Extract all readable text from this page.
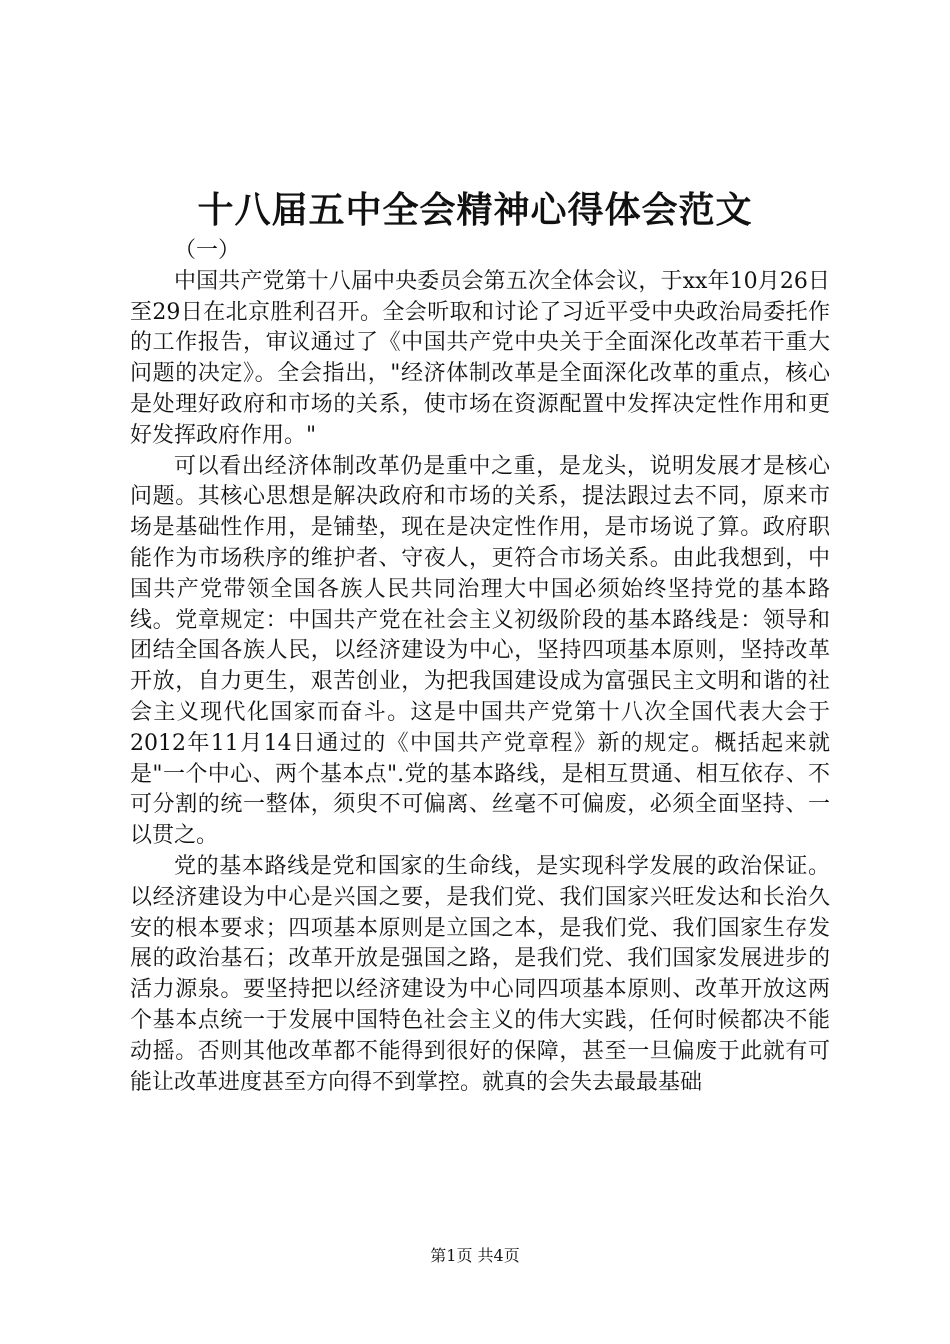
十八届五中全会精神心得体会范文

（一）

中国共产党第十八届中央委员会第五次全体会议，于xx年10月26日至29日在北京胜利召开。全会听取和讨论了习近平受中央政治局委托作的工作报告，审议通过了《中国共产党中央关于全面深化改革若干重大问题的决定》。全会指出，"经济体制改革是全面深化改革的重点，核心是处理好政府和市场的关系，使市场在资源配置中发挥决定性作用和更好发挥政府作用。"

可以看出经济体制改革仍是重中之重，是龙头，说明发展才是核心问题。其核心思想是解决政府和市场的关系，提法跟过去不同，原来市场是基础性作用，是铺垫，现在是决定性作用，是市场说了算。政府职能作为市场秩序的维护者、守夜人，更符合市场关系。由此我想到，中国共产党带领全国各族人民共同治理大中国必须始终坚持党的基本路线。党章规定：中国共产党在社会主义初级阶段的基本路线是：领导和团结全国各族人民，以经济建设为中心，坚持四项基本原则，坚持改革开放，自力更生，艰苦创业，为把我国建设成为富强民主文明和谐的社会主义现代化国家而奋斗。这是中国共产党第十八次全国代表大会于2012年11月14日通过的《中国共产党章程》新的规定。概括起来就是"一个中心、两个基本点".党的基本路线，是相互贯通、相互依存、不可分割的统一整体，须臾不可偏离、丝毫不可偏废，必须全面坚持、一以贯之。

党的基本路线是党和国家的生命线，是实现科学发展的政治保证。以经济建设为中心是兴国之要，是我们党、我们国家兴旺发达和长治久安的根本要求；四项基本原则是立国之本，是我们党、我们国家生存发展的政治基石；改革开放是强国之路，是我们党、我们国家发展进步的活力源泉。要坚持把以经济建设为中心同四项基本原则、改革开放这两个基本点统一于发展中国特色社会主义的伟大实践，任何时候都决不能动摇。否则其他改革都不能得到很好的保障，甚至一旦偏废于此就有可能让改革进度甚至方向得不到掌控。就真的会失去最最基础

第1页 共4页
